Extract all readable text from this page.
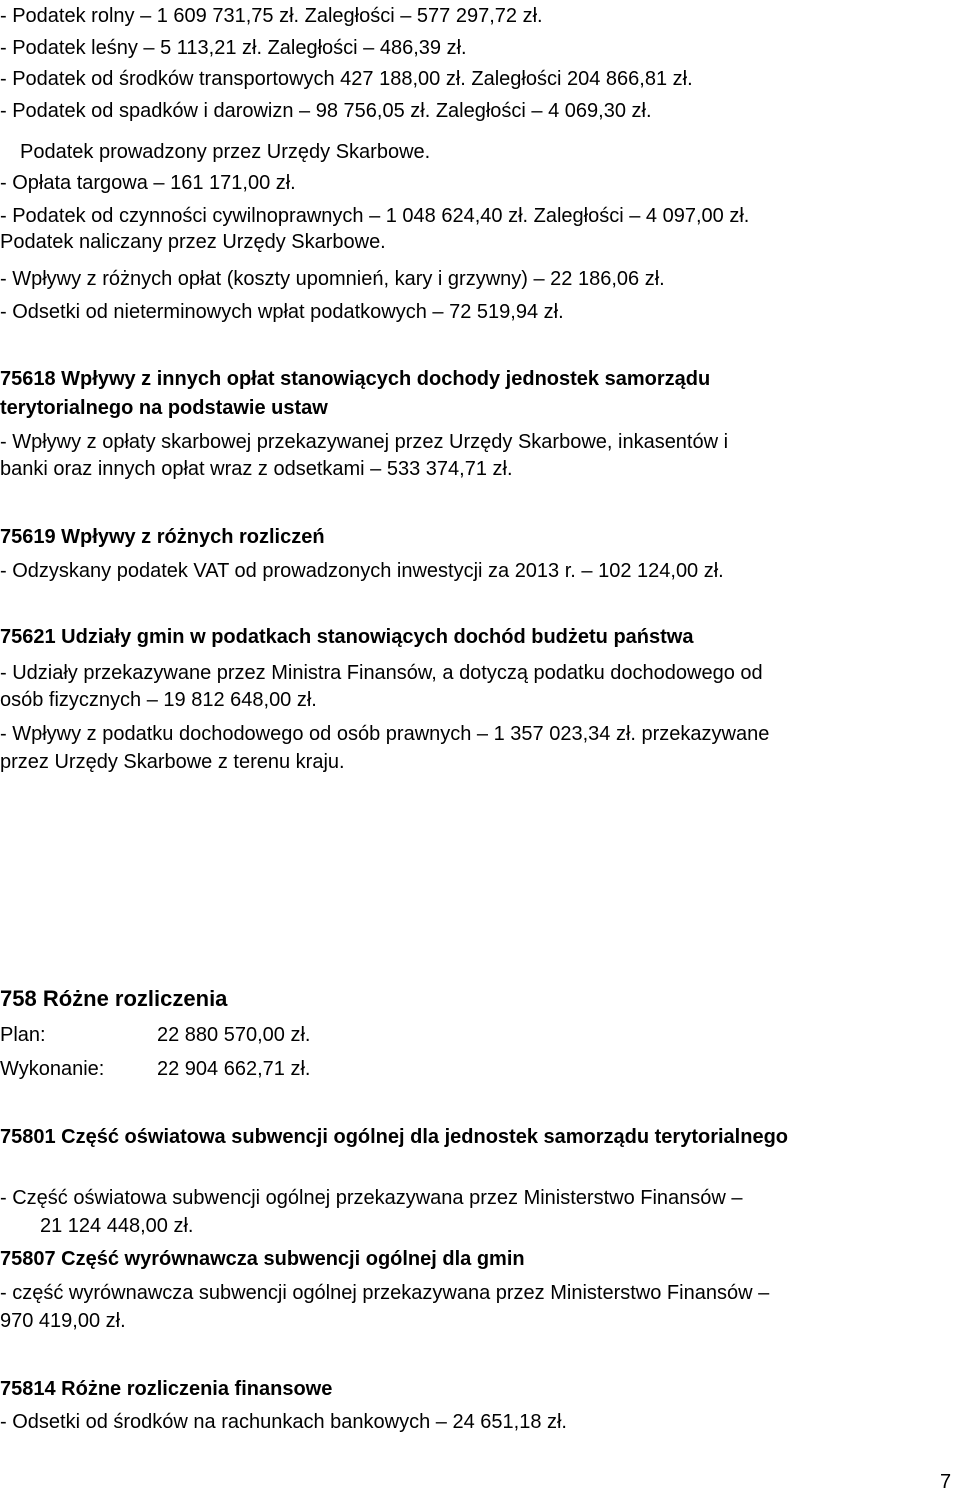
- Podatek rolny – 1 609 731,75 zł. Zaległości – 577 297,72 zł.
- Podatek leśny – 5 113,21 zł. Zaległości – 486,39 zł.
- Podatek od środków transportowych 427 188,00 zł. Zaległości 204 866,81 zł.
- Podatek od spadków i darowizn – 98 756,05 zł. Zaległości – 4 069,30 zł.
Podatek prowadzony przez Urzędy Skarbowe.
- Opłata targowa – 161 171,00 zł.
- Podatek od czynności cywilnoprawnych – 1 048 624,40 zł. Zaległości – 4 097,00 zł.
Podatek naliczany przez Urzędy Skarbowe.
- Wpływy z różnych opłat (koszty upomnień, kary i grzywny) – 22 186,06 zł.
- Odsetki od nieterminowych wpłat podatkowych – 72 519,94 zł.
75618 Wpływy z innych opłat stanowiących dochody jednostek samorządu
terytorialnego na podstawie ustaw
- Wpływy z opłaty skarbowej przekazywanej przez Urzędy Skarbowe, inkasentów i
banki oraz innych opłat wraz z odsetkami – 533 374,71 zł.
75619 Wpływy z różnych rozliczeń
- Odzyskany podatek VAT od prowadzonych inwestycji za 2013 r. – 102 124,00 zł.
75621 Udziały gmin w podatkach stanowiących dochód budżetu państwa
- Udziały przekazywane przez Ministra Finansów, a dotyczą podatku dochodowego od
osób fizycznych – 19 812 648,00 zł.
- Wpływy z podatku dochodowego od osób prawnych – 1 357 023,34 zł. przekazywane
przez Urzędy Skarbowe z terenu kraju.
758 Różne rozliczenia
Plan:	22 880 570,00 zł.
Wykonanie:	22 904 662,71 zł.
75801 Część oświatowa subwencji ogólnej dla jednostek samorządu terytorialnego
- Część oświatowa subwencji ogólnej przekazywana przez Ministerstwo Finansów –
21 124 448,00 zł.
75807 Część wyrównawcza subwencji ogólnej dla gmin
- część wyrównawcza subwencji ogólnej przekazywana przez Ministerstwo Finansów –
970 419,00 zł.
75814 Różne rozliczenia finansowe
- Odsetki od środków na rachunkach bankowych – 24 651,18 zł.
7
